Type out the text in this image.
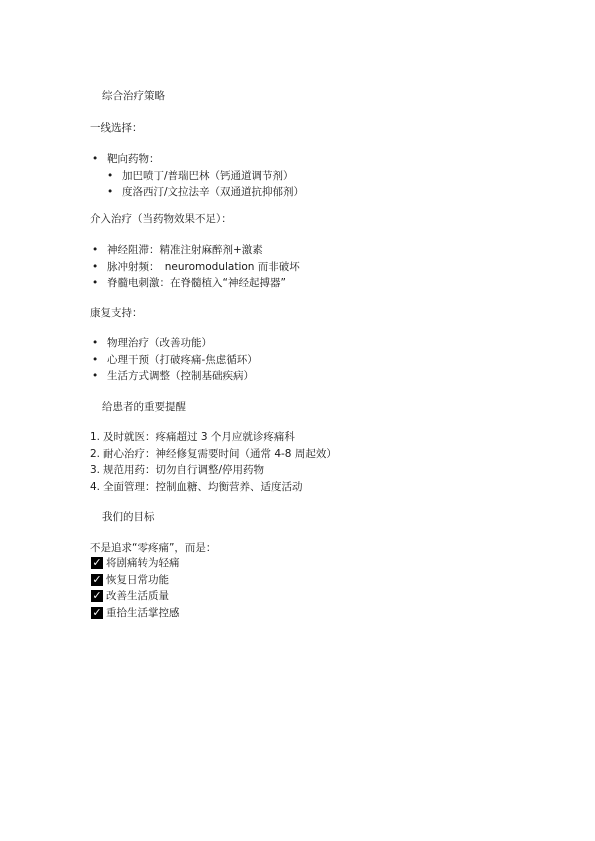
综合治疗策略
一线选择：
• 靶向药物：
• 加巴喷丁/普瑞巴林（钙通道调节剂）
• 度洛西汀/文拉法辛（双通道抗抑郁剂）
介入治疗（当药物效果不足）：
• 神经阻滞：精准注射麻醉剂+激素
• 脉冲射频：　neuromodulation 而非破坏
• 脊髓电刺激：在脊髓植入“神经起搏器”
康复支持：
• 物理治疗（改善功能）
• 心理干预（打破疼痛-焦虑循环）
• 生活方式调整（控制基础疾病）
给患者的重要提醒
1. 及时就医：疼痛超过 3 个月应就诊疼痛科
2. 耐心治疗：神经修复需要时间（通常 4-8 周起效）
3. 规范用药：切勿自行调整/停用药物
4. 全面管理：控制血糖、均衡营养、适度活动
我们的目标
不是追求“零疼痛”，而是：
✓ 将剧痛转为轻痛
✓ 恢复日常功能
✓ 改善生活质量
✓ 重拾生活掌控感
